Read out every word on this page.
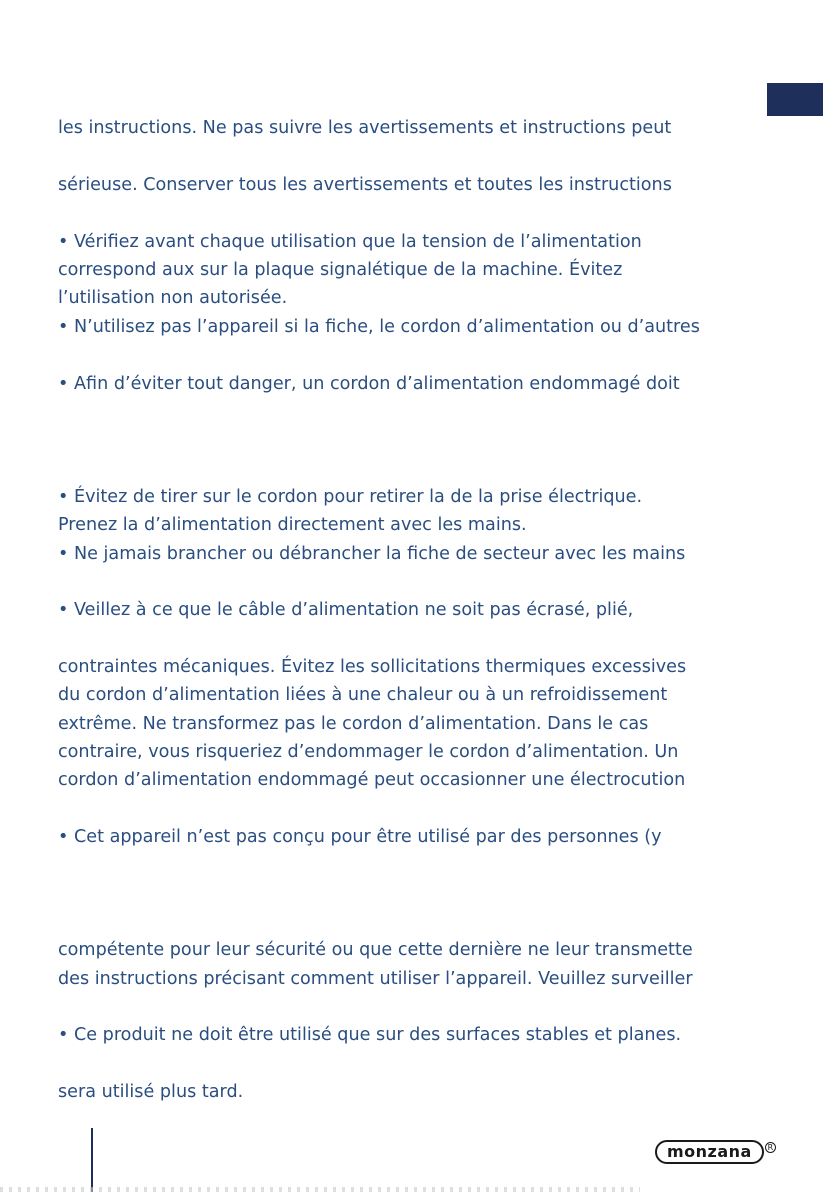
les instructions. Ne pas suivre les avertissements et instructions peut
sérieuse. Conserver tous les avertissements et toutes les instructions
• Vérifiez avant chaque utilisation que la tension de l’alimentation
correspond aux sur la plaque signalétique de la machine. Évitez
l’utilisation non autorisée.
• N’utilisez pas l’appareil si la fiche, le cordon d’alimentation ou d’autres
• Afin d’éviter tout danger, un cordon d’alimentation endommagé doit
• Évitez de tirer sur le cordon pour retirer la de la prise électrique.
Prenez la d’alimentation directement avec les mains.
• Ne jamais brancher ou débrancher la fiche de secteur avec les mains
• Veillez à ce que le câble d’alimentation ne soit pas écrasé, plié,
contraintes mécaniques. Évitez les sollicitations thermiques excessives
du cordon d’alimentation liées à une chaleur ou à un refroidissement
extrême. Ne transformez pas le cordon d’alimentation. Dans le cas
contraire, vous risqueriez d’endommager le cordon d’alimentation. Un
cordon d’alimentation endommagé peut occasionner une électrocution
• Cet appareil n’est pas conçu pour être utilisé par des personnes (y
compétente pour leur sécurité ou que cette dernière ne leur transmette
des instructions précisant comment utiliser l’appareil. Veuillez surveiller
• Ce produit ne doit être utilisé que sur des surfaces stables et planes.
sera utilisé plus tard.
monzana	R
